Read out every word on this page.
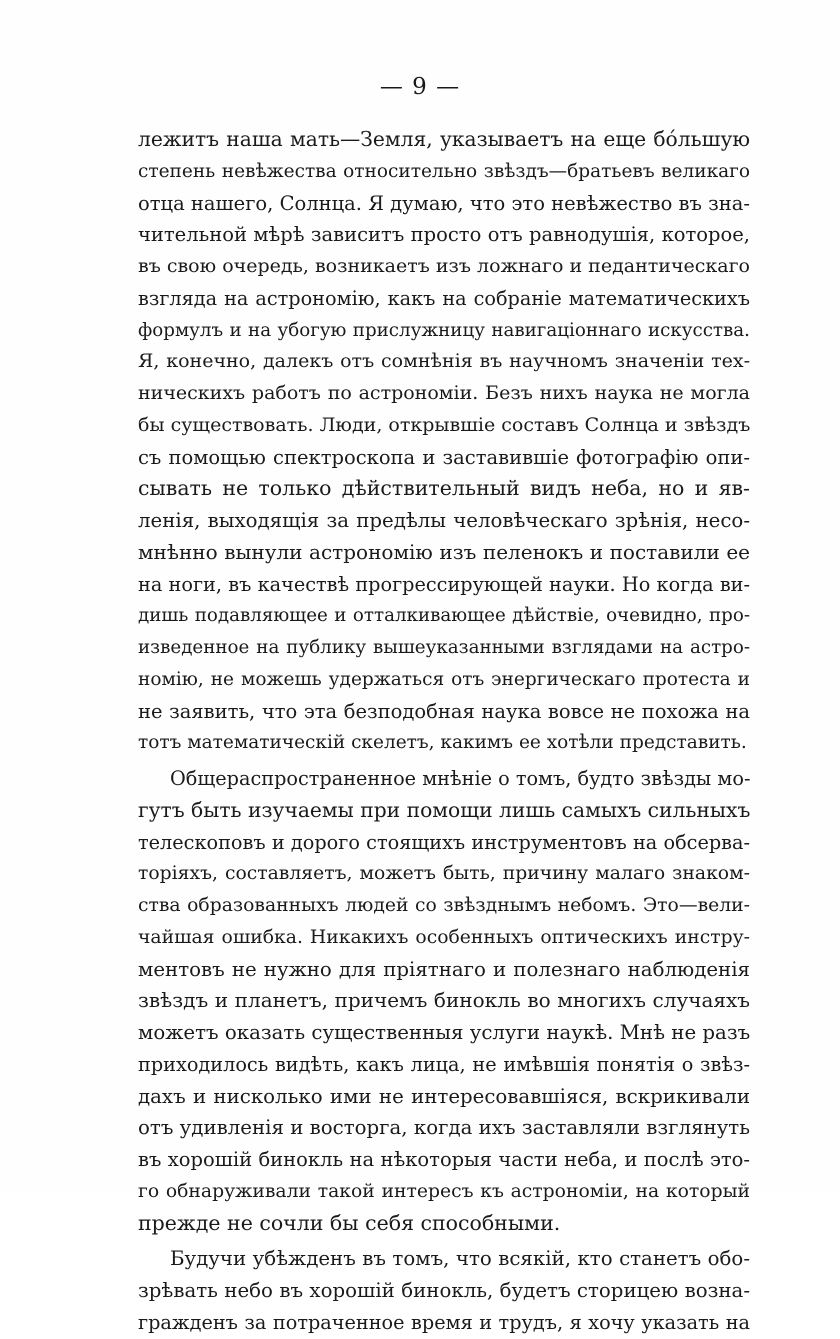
— 9 —

лежитъ наша мать—Земля, указываетъ на еще бóльшую
степень невѣжества относительно звѣздъ—братьевъ великаго
отца нашего, Солнца. Я думаю, что это невѣжество въ зна-
чительной мѣрѣ зависитъ просто отъ равнодушія, которое,
въ свою очередь, возникаетъ изъ ложнаго и педантическаго
взгляда на астрономію, какъ на собраніе математическихъ
формулъ и на убогую прислужницу навигаціоннаго искусства.
Я, конечно, далекъ отъ сомнѣнія въ научномъ значеніи тех-
ническихъ работъ по астрономіи. Безъ нихъ наука не могла
бы существовать. Люди, открывшіе составъ Солнца и звѣздъ
съ помощью спектроскопа и заставившіе фотографію опи-
сывать не только дѣйствительный видъ неба, но и яв-
ленія, выходящія за предѣлы человѣческаго зрѣнія, несо-
мнѣнно вынули астрономію изъ пеленокъ и поставили ее
на ноги, въ качествѣ прогрессирующей науки. Но когда ви-
дишь подавляющее и отталкивающее дѣйствіе, очевидно, про-
изведенное на публику вышеуказанными взглядами на астро-
номію, не можешь удержаться отъ энергическаго протеста и
не заявить, что эта безподобная наука вовсе не похожа на
тотъ математическій скелетъ, какимъ ее хотѣли представить.
Общераспространенное мнѣніе о томъ, будто звѣзды мо-
гутъ быть изучаемы при помощи лишь самыхъ сильныхъ
телескоповъ и дорого стоящихъ инструментовъ на обсерва-
торіяхъ, составляетъ, можетъ быть, причину малаго знаком-
ства образованныхъ людей со звѣзднымъ небомъ. Это—вели-
чайшая ошибка. Никакихъ особенныхъ оптическихъ инстру-
ментовъ не нужно для пріятнаго и полезнаго наблюденія
звѣздъ и планетъ, причемъ бинокль во многихъ случаяхъ
можетъ оказать существенныя услуги наукѣ. Мнѣ не разъ
приходилось видѣть, какъ лица, не имѣвшія понятія о звѣз-
дахъ и нисколько ими не интересовавшіяся, вскрикивали
отъ удивленія и восторга, когда ихъ заставляли взглянуть
въ хорошій бинокль на нѣкоторыя части неба, и послѣ это-
го обнаруживали такой интересъ къ астрономіи, на который
прежде не сочли бы себя способными.
Будучи убѣжденъ въ томъ, что всякій, кто станетъ обо-
зрѣвать небо въ хорошій бинокль, будетъ сторицею возна-
гражденъ за потраченное время и трудъ, я хочу указать на
